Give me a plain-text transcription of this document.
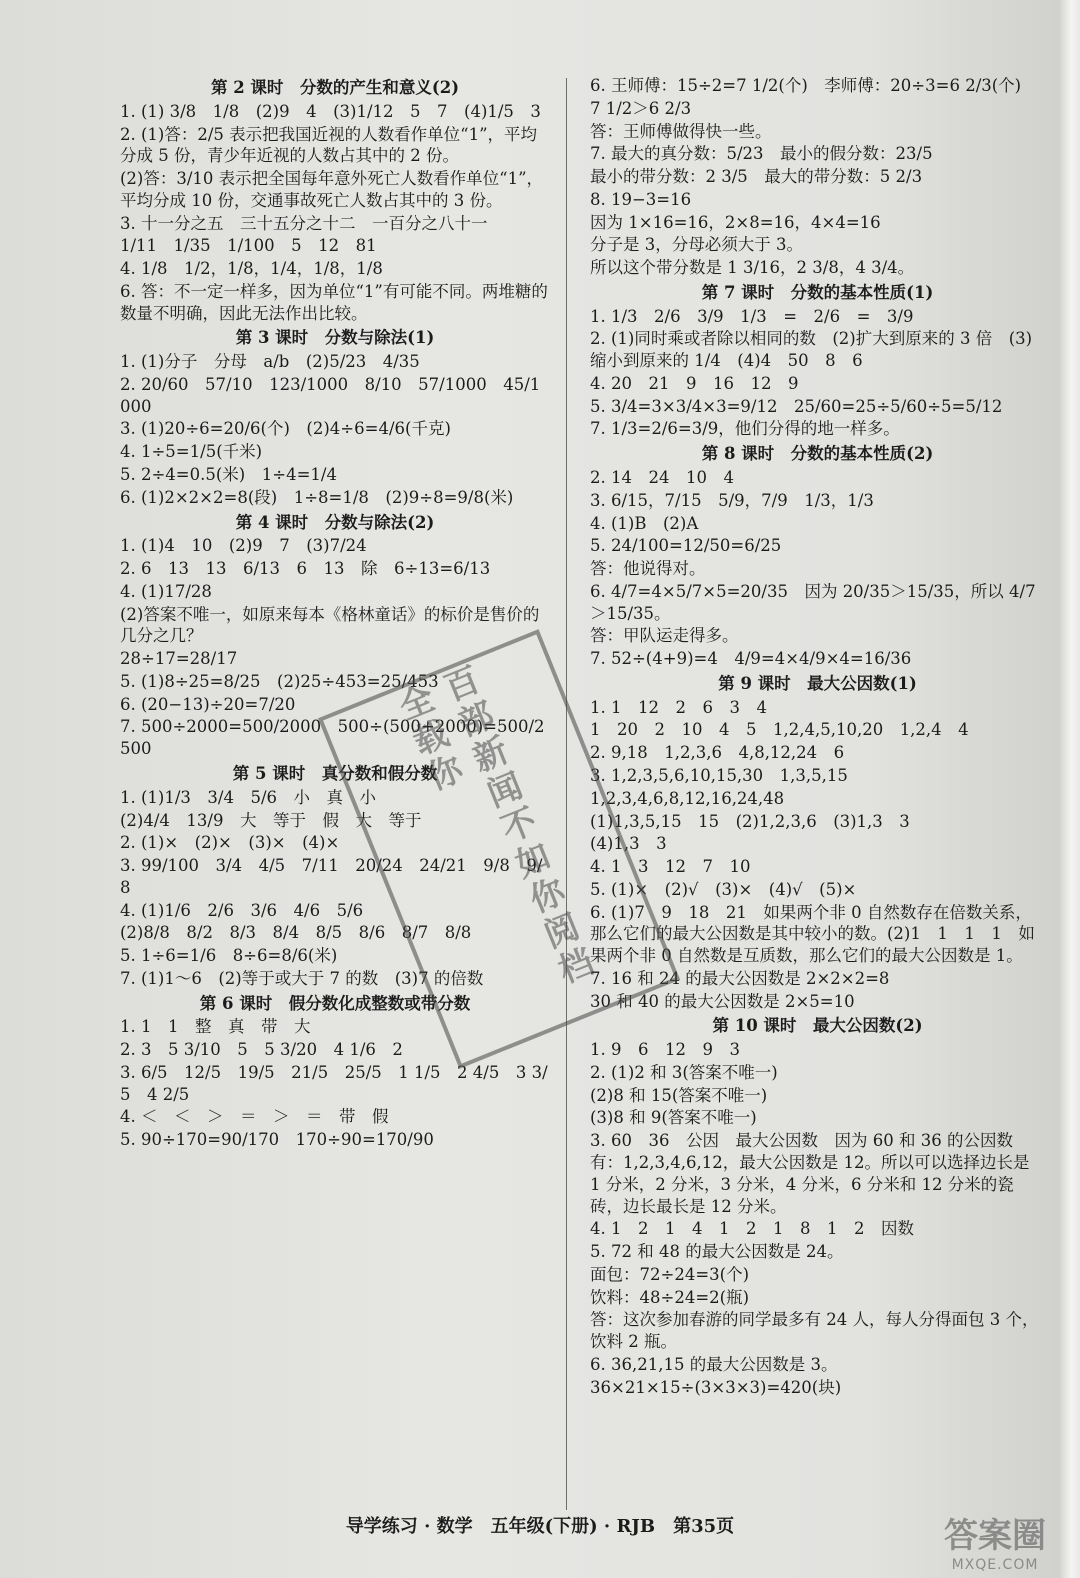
第 2 课时　分数的产生和意义(2)
1. (1) 3/8　1/8　(2)9　4　(3)1/12　5　7　(4)1/5　3
2. (1)答：2/5 表示把我国近视的人数看作单位“1”，平均分成 5 份，青少年近视的人数占其中的 2 份。
(2)答：3/10 表示把全国每年意外死亡人数看作单位“1”，平均分成 10 份，交通事故死亡人数占其中的 3 份。
3. 十一分之五　三十五分之十二　一百分之八十一
1/11　1/35　1/100　5　12　81
4. 1/8　1/2，1/8，1/4，1/8，1/8
6. 答：不一定一样多，因为单位“1”有可能不同。两堆糖的数量不明确，因此无法作出比较。
第 3 课时　分数与除法(1)
1. (1)分子　分母　a/b　(2)5/23　4/35
2. 20/60　57/10　123/1000　8/10　57/1000　45/1000
3. (1)20÷6=20/6(个)　(2)4÷6=4/6(千克)
4. 1÷5=1/5(千米)
5. 2÷4=0.5(米)　1÷4=1/4
6. (1)2×2×2=8(段)　1÷8=1/8　(2)9÷8=9/8(米)
第 4 课时　分数与除法(2)
1. (1)4　10　(2)9　7　(3)7/24
2. 6　13　13　6/13　6　13　除　6÷13=6/13
4. (1)17/28
(2)答案不唯一，如原来每本《格林童话》的标价是售价的几分之几？
28÷17=28/17
5. (1)8÷25=8/25　(2)25÷453=25/453
6. (20−13)÷20=7/20
7. 500÷2000=500/2000　500÷(500+2000)=500/2500
第 5 课时　真分数和假分数
1. (1)1/3　3/4　5/6　小　真　小
(2)4/4　13/9　大　等于　假　大　等于
2. (1)×　(2)×　(3)×　(4)×
3. 99/100　3/4　4/5　7/11　20/24　24/21　9/8　9/8
4. (1)1/6　2/6　3/6　4/6　5/6
(2)8/8　8/2　8/3　8/4　8/5　8/6　8/7　8/8
5. 1÷6=1/6　8÷6=8/6(米)
7. (1)1～6　(2)等于或大于 7 的数　(3)7 的倍数
第 6 课时　假分数化成整数或带分数
1. 1　1　整　真　带　大
2. 3　5 3/10　5　5 3/20　4 1/6　2
3. 6/5　12/5　19/5　21/5　25/5　1 1/5　2 4/5　3 3/5　4 2/5
4. ＜　＜　＞　＝　＞　＝　带　假
5. 90÷170=90/170　170÷90=170/90
6. 王师傅：15÷2=7 1/2(个)　李师傅：20÷3=6 2/3(个)
7 1/2＞6 2/3
答：王师傅做得快一些。
7. 最大的真分数：5/23　最小的假分数：23/5
最小的带分数：2 3/5　最大的带分数：5 2/3
8. 19−3=16
因为 1×16=16，2×8=16，4×4=16
分子是 3，分母必须大于 3。
所以这个带分数是 1 3/16，2 3/8，4 3/4。
第 7 课时　分数的基本性质(1)
1. 1/3　2/6　3/9　1/3　=　2/6　=　3/9
2. (1)同时乘或者除以相同的数　(2)扩大到原来的 3 倍　(3)缩小到原来的 1/4　(4)4　50　8　6
4. 20　21　9　16　12　9
5. 3/4=3×3/4×3=9/12　25/60=25÷5/60÷5=5/12
7. 1/3=2/6=3/9，他们分得的地一样多。
第 8 课时　分数的基本性质(2)
2. 14　24　10　4
3. 6/15，7/15　5/9，7/9　1/3，1/3
4. (1)B　(2)A
5. 24/100=12/50=6/25
答：他说得对。
6. 4/7=4×5/7×5=20/35　因为 20/35＞15/35，所以 4/7＞15/35。
答：甲队运走得多。
7. 52÷(4+9)=4　4/9=4×4/9×4=16/36
第 9 课时　最大公因数(1)
1. 1　12　2　6　3　4
1　20　2　10　4　5　1,2,4,5,10,20　1,2,4　4
2. 9,18　1,2,3,6　4,8,12,24　6
3. 1,2,3,5,6,10,15,30　1,3,5,15
1,2,3,4,6,8,12,16,24,48
(1)1,3,5,15　15　(2)1,2,3,6　(3)1,3　3
(4)1,3　3
4. 1　3　12　7　10
5. (1)×　(2)√　(3)×　(4)√　(5)×
6. (1)7　9　18　21　如果两个非 0 自然数存在倍数关系，那么它们的最大公因数是其中较小的数。(2)1　1　1　1　如果两个非 0 自然数是互质数，那么它们的最大公因数是 1。
7. 16 和 24 的最大公因数是 2×2×2=8
30 和 40 的最大公因数是 2×5=10
第 10 课时　最大公因数(2)
1. 9　6　12　9　3
2. (1)2 和 3(答案不唯一)
(2)8 和 15(答案不唯一)
(3)8 和 9(答案不唯一)
3. 60　36　公因　最大公因数　因为 60 和 36 的公因数有：1,2,3,4,6,12，最大公因数是 12。所以可以选择边长是 1 分米，2 分米，3 分米，4 分米，6 分米和 12 分米的瓷砖，边长最长是 12 分米。
4. 1　2　1　4　1　2　1　8　1　2　因数
5. 72 和 48 的最大公因数是 24。
面包：72÷24=3(个)
饮料：48÷24=2(瓶)
答：这次参加春游的同学最多有 24 人，每人分得面包 3 个，饮料 2 瓶。
6. 36,21,15 的最大公因数是 3。
36×21×15÷(3×3×3)=420(块)
百部新闻不如你阅档全载你
导学练习 · 数学　五年级(下册) · RJB　第35页	答案圈
MXQE.COM
